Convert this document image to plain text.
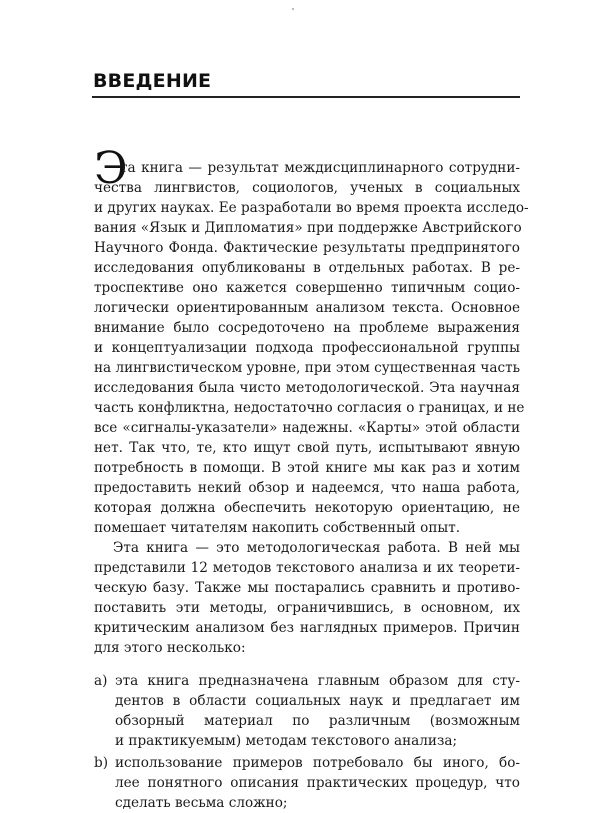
ВВЕДЕНИЕ
Э
та книга — результат междисциплинарного сотрудни-
чества лингвистов, социологов, ученых в социальных
и других науках. Ее разработали во время проекта исследо-
вания «Язык и Дипломатия» при поддержке Австрийского
Научного Фонда. Фактические результаты предпринятого
исследования опубликованы в отдельных работах. В ре-
троспективе оно кажется совершенно типичным социо-
логически ориентированным анализом текста. Основное
внимание было сосредоточено на проблеме выражения
и концептуализации подхода профессиональной группы
на лингвистическом уровне, при этом существенная часть
исследования была чисто методологической. Эта научная
часть конфликтна, недостаточно согласия о границах, и не
все «сигналы-указатели» надежны. «Карты» этой области
нет. Так что, те, кто ищут свой путь, испытывают явную
потребность в помощи. В этой книге мы как раз и хотим
предоставить некий обзор и надеемся, что наша работа,
которая должна обеспечить некоторую ориентацию, не
помешает читателям накопить собственный опыт.
Эта книга — это методологическая работа. В ней мы
представили 12 методов текстового анализа и их теорети-
ческую базу. Также мы постарались сравнить и противо-
поставить эти методы, ограничившись, в основном, их
критическим анализом без наглядных примеров. Причин
для этого несколько:
a) эта книга предназначена главным образом для сту-
дентов в области социальных наук и предлагает им
обзорный материал по различным (возможным
и практикуемым) методам текстового анализа;
b) использование примеров потребовало бы иного, бо-
лее понятного описания практических процедур, что
сделать весьма сложно;
